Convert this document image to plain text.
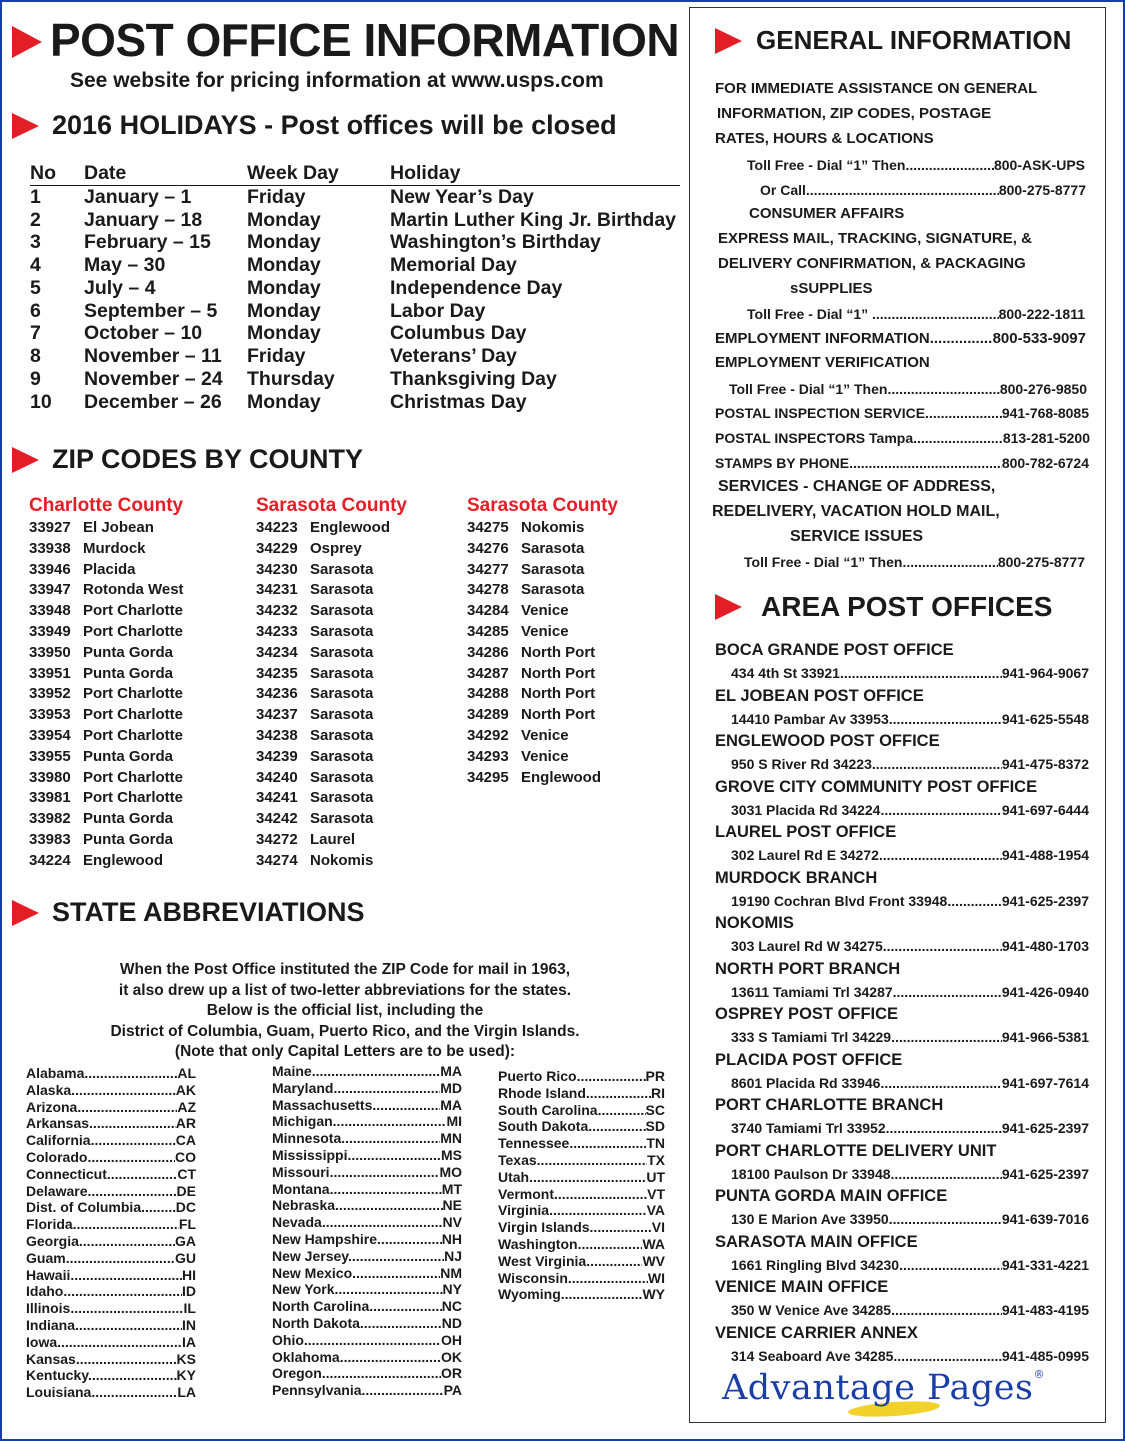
POST OFFICE INFORMATION
See website for pricing information at www.usps.com
2016 HOLIDAYS - Post offices will be closed
No	Date	Week Day	Holiday
1	January – 1	Friday	New Year’s Day
2	January – 18	Monday	Martin Luther King Jr. Birthday
3	February – 15	Monday	Washington’s Birthday
4	May – 30	Monday	Memorial Day
5	July – 4	Monday	Independence Day
6	September – 5	Monday	Labor Day
7	October – 10	Monday	Columbus Day
8	November – 11	Friday	Veterans’ Day
9	November – 24	Thursday	Thanksgiving Day
10	December – 26	Monday	Christmas Day
ZIP CODES BY COUNTY
Charlotte County
33927 El Jobean
33938 Murdock
33946 Placida
33947 Rotonda West
33948 Port Charlotte
33949 Port Charlotte
33950 Punta Gorda
33951 Punta Gorda
33952 Port Charlotte
33953 Port Charlotte
33954 Port Charlotte
33955 Punta Gorda
33980 Port Charlotte
33981 Port Charlotte
33982 Punta Gorda
33983 Punta Gorda
34224 Englewood
Sarasota County
34223 Englewood
34229 Osprey
34230 Sarasota
34231 Sarasota
34232 Sarasota
34233 Sarasota
34234 Sarasota
34235 Sarasota
34236 Sarasota
34237 Sarasota
34238 Sarasota
34239 Sarasota
34240 Sarasota
34241 Sarasota
34242 Sarasota
34272 Laurel
34274 Nokomis
Sarasota County
34275 Nokomis
34276 Sarasota
34277 Sarasota
34278 Sarasota
34284 Venice
34285 Venice
34286 North Port
34287 North Port
34288 North Port
34289 North Port
34292 Venice
34293 Venice
34295 Englewood
STATE ABBREVIATIONS
When the Post Office instituted the ZIP Code for mail in 1963,
it also drew up a list of two-letter abbreviations for the states.
Below is the official list, including the
District of Columbia, Guam, Puerto Rico, and the Virgin Islands.
(Note that only Capital Letters are to be used):
Alabama .....	AL
Alaska .....	AK
Arizona .....	AZ
Arkansas .....	AR
California .....	CA
Colorado .....	CO
Connecticut .....	CT
Delaware .....	DE
Dist. of Columbia .....	DC
Florida .....	FL
Georgia .....	GA
Guam .....	GU
Hawaii .....	HI
Idaho .....	ID
Illinois .....	IL
Indiana .....	IN
Iowa .....	IA
Kansas .....	KS
Kentucky .....	KY
Louisiana .....	LA
Maine .....	MA
Maryland .....	MD
Massachusetts .....	MA
Michigan .....	MI
Minnesota .....	MN
Mississippi .....	MS
Missouri .....	MO
Montana .....	MT
Nebraska .....	NE
Nevada .....	NV
New Hampshire .....	NH
New Jersey .....	NJ
New Mexico .....	NM
New York .....	NY
North Carolina .....	NC
North Dakota .....	ND
Ohio .....	OH
Oklahoma .....	OK
Oregon .....	OR
Pennsylvania .....	PA
Puerto Rico .....	PR
Rhode Island .....	RI
South Carolina .....	SC
South Dakota .....	SD
Tennessee .....	TN
Texas .....	TX
Utah .....	UT
Vermont .....	VT
Virginia .....	VA
Virgin Islands .....	VI
Washington .....	WA
West Virginia .....	WV
Wisconsin .....	WI
Wyoming .....	WY
GENERAL INFORMATION
FOR IMMEDIATE ASSISTANCE ON GENERAL
INFORMATION, ZIP CODES, POSTAGE
RATES, HOURS & LOCATIONS
Toll Free - Dial “1” Then .....	800-ASK-UPS
Or Call .....	800-275-8777
CONSUMER AFFAIRS
EXPRESS MAIL, TRACKING, SIGNATURE, &
DELIVERY CONFIRMATION, & PACKAGING
sSUPPLIES
Toll Free - Dial “1” .....	800-222-1811
EMPLOYMENT INFORMATION .....	800-533-9097
EMPLOYMENT VERIFICATION
Toll Free - Dial “1” Then .....	800-276-9850
POSTAL INSPECTION SERVICE .....	941-768-8085
POSTAL INSPECTORS Tampa .....	813-281-5200
STAMPS BY PHONE .....	800-782-6724
SERVICES - CHANGE OF ADDRESS,
REDELIVERY, VACATION HOLD MAIL,
SERVICE ISSUES
Toll Free - Dial “1” Then .....	800-275-8777
AREA POST OFFICES
BOCA GRANDE POST OFFICE
434 4th St 33921 .....	941-964-9067
EL JOBEAN POST OFFICE
14410 Pambar Av 33953 .....	941-625-5548
ENGLEWOOD POST OFFICE
950 S River Rd 34223 .....	941-475-8372
GROVE CITY COMMUNITY POST OFFICE
3031 Placida Rd 34224 .....	941-697-6444
LAUREL POST OFFICE
302 Laurel Rd E 34272 .....	941-488-1954
MURDOCK BRANCH
19190 Cochran Blvd Front 33948 .....	941-625-2397
NOKOMIS
303 Laurel Rd W 34275 .....	941-480-1703
NORTH PORT BRANCH
13611 Tamiami Trl 34287 .....	941-426-0940
OSPREY POST OFFICE
333 S Tamiami Trl 34229 .....	941-966-5381
PLACIDA POST OFFICE
8601 Placida Rd 33946 .....	941-697-7614
PORT CHARLOTTE BRANCH
3740 Tamiami Trl 33952 .....	941-625-2397
PORT CHARLOTTE DELIVERY UNIT
18100 Paulson Dr 33948 .....	941-625-2397
PUNTA GORDA MAIN OFFICE
130 E Marion Ave 33950 .....	941-639-7016
SARASOTA MAIN OFFICE
1661 Ringling Blvd 34230 .....	941-331-4221
VENICE MAIN OFFICE
350 W Venice Ave 34285 .....	941-483-4195
VENICE CARRIER ANNEX
314 Seaboard Ave 34285 .....	941-485-0995
Advantage Pages®
